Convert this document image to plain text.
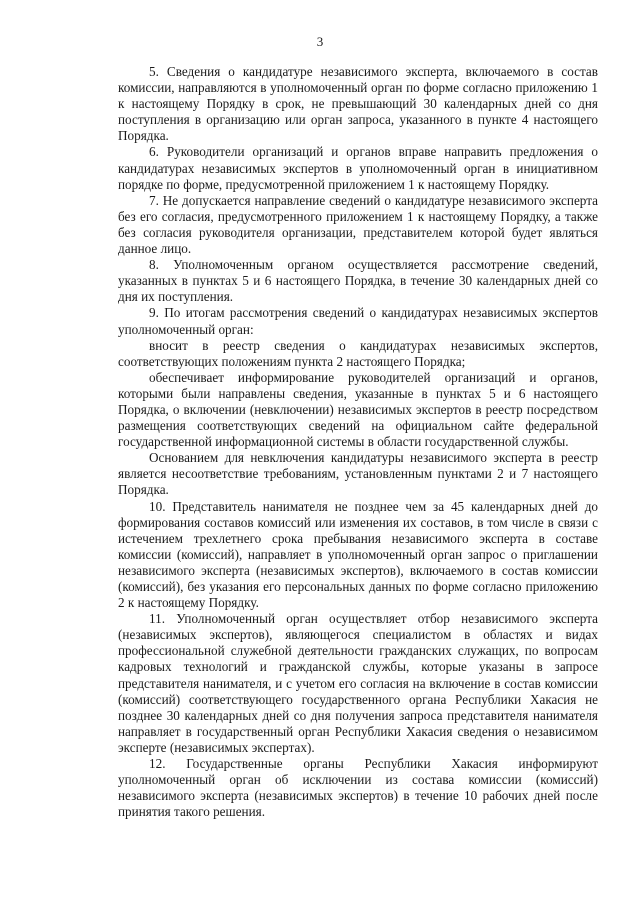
3

5. Сведения о кандидатуре независимого эксперта, включаемого в состав комиссии, направляются в уполномоченный орган по форме согласно приложению 1 к настоящему Порядку в срок, не превышающий 30 календарных дней со дня поступления в организацию или орган запроса, указанного в пункте 4 настоящего Порядка.

6. Руководители организаций и органов вправе направить предложения о кандидатурах независимых экспертов в уполномоченный орган в инициативном порядке по форме, предусмотренной приложением 1 к настоящему Порядку.

7. Не допускается направление сведений о кандидатуре независимого эксперта без его согласия, предусмотренного приложением 1 к настоящему Порядку, а также без согласия руководителя организации, представителем которой будет являться данное лицо.

8. Уполномоченным органом осуществляется рассмотрение сведений, указанных в пунктах 5 и 6 настоящего Порядка, в течение 30 календарных дней со дня их поступления.

9. По итогам рассмотрения сведений о кандидатурах независимых экспертов уполномоченный орган:

вносит в реестр сведения о кандидатурах независимых экспертов, соответствующих положениям пункта 2 настоящего Порядка;

обеспечивает информирование руководителей организаций и органов, которыми были направлены сведения, указанные в пунктах 5 и 6 настоящего Порядка, о включении (невключении) независимых экспертов в реестр посредством размещения соответствующих сведений на официальном сайте федеральной государственной информационной системы в области государственной службы.

Основанием для невключения кандидатуры независимого эксперта в реестр является несоответствие требованиям, установленным пунктами 2 и 7 настоящего Порядка.

10. Представитель нанимателя не позднее чем за 45 календарных дней до формирования составов комиссий или изменения их составов, в том числе в связи с истечением трехлетнего срока пребывания независимого эксперта в составе комиссии (комиссий), направляет в уполномоченный орган запрос о приглашении независимого эксперта (независимых экспертов), включаемого в состав комиссии (комиссий), без указания его персональных данных по форме согласно приложению 2 к настоящему Порядку.

11. Уполномоченный орган осуществляет отбор независимого эксперта (независимых экспертов), являющегося специалистом в областях и видах профессиональной служебной деятельности гражданских служащих, по вопросам кадровых технологий и гражданской службы, которые указаны в запросе представителя нанимателя, и с учетом его согласия на включение в состав комиссии (комиссий) соответствующего государственного органа Республики Хакасия не позднее 30 календарных дней со дня получения запроса представителя нанимателя направляет в государственный орган Республики Хакасия сведения о независимом эксперте (независимых экспертах).

12. Государственные органы Республики Хакасия информируют уполномоченный орган об исключении из состава комиссии (комиссий) независимого эксперта (независимых экспертов) в течение 10 рабочих дней после принятия такого решения.
